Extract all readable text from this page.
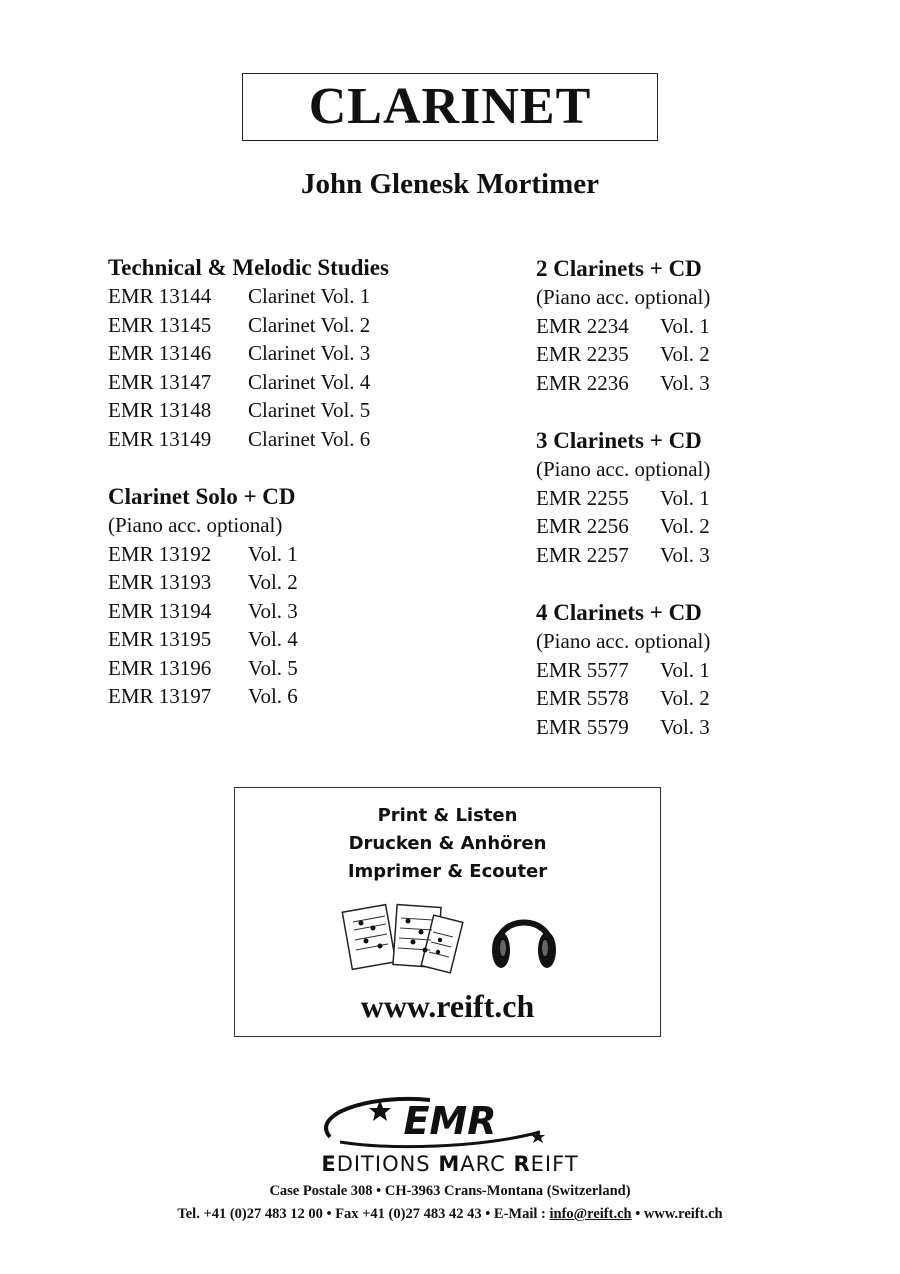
CLARINET
John Glenesk Mortimer
Technical & Melodic Studies
EMR 13144 Clarinet Vol. 1
EMR 13145 Clarinet Vol. 2
EMR 13146 Clarinet Vol. 3
EMR 13147 Clarinet Vol. 4
EMR 13148 Clarinet Vol. 5
EMR 13149 Clarinet Vol. 6
Clarinet Solo + CD
(Piano acc. optional)
EMR 13192 Vol. 1
EMR 13193 Vol. 2
EMR 13194 Vol. 3
EMR 13195 Vol. 4
EMR 13196 Vol. 5
EMR 13197 Vol. 6
2 Clarinets + CD
(Piano acc. optional)
EMR 2234 Vol. 1
EMR 2235 Vol. 2
EMR 2236 Vol. 3
3 Clarinets + CD
(Piano acc. optional)
EMR 2255 Vol. 1
EMR 2256 Vol. 2
EMR 2257 Vol. 3
4 Clarinets + CD
(Piano acc. optional)
EMR 5577 Vol. 1
EMR 5578 Vol. 2
EMR 5579 Vol. 3
Print & Listen
Drucken & Anhören
Imprimer & Ecouter
www.reift.ch
EMR
EDITIONS MARC REIFT
Case Postale 308 • CH-3963 Crans-Montana (Switzerland)
Tel. +41 (0)27 483 12 00 • Fax +41 (0)27 483 42 43 • E-Mail : info@reift.ch • www.reift.ch
